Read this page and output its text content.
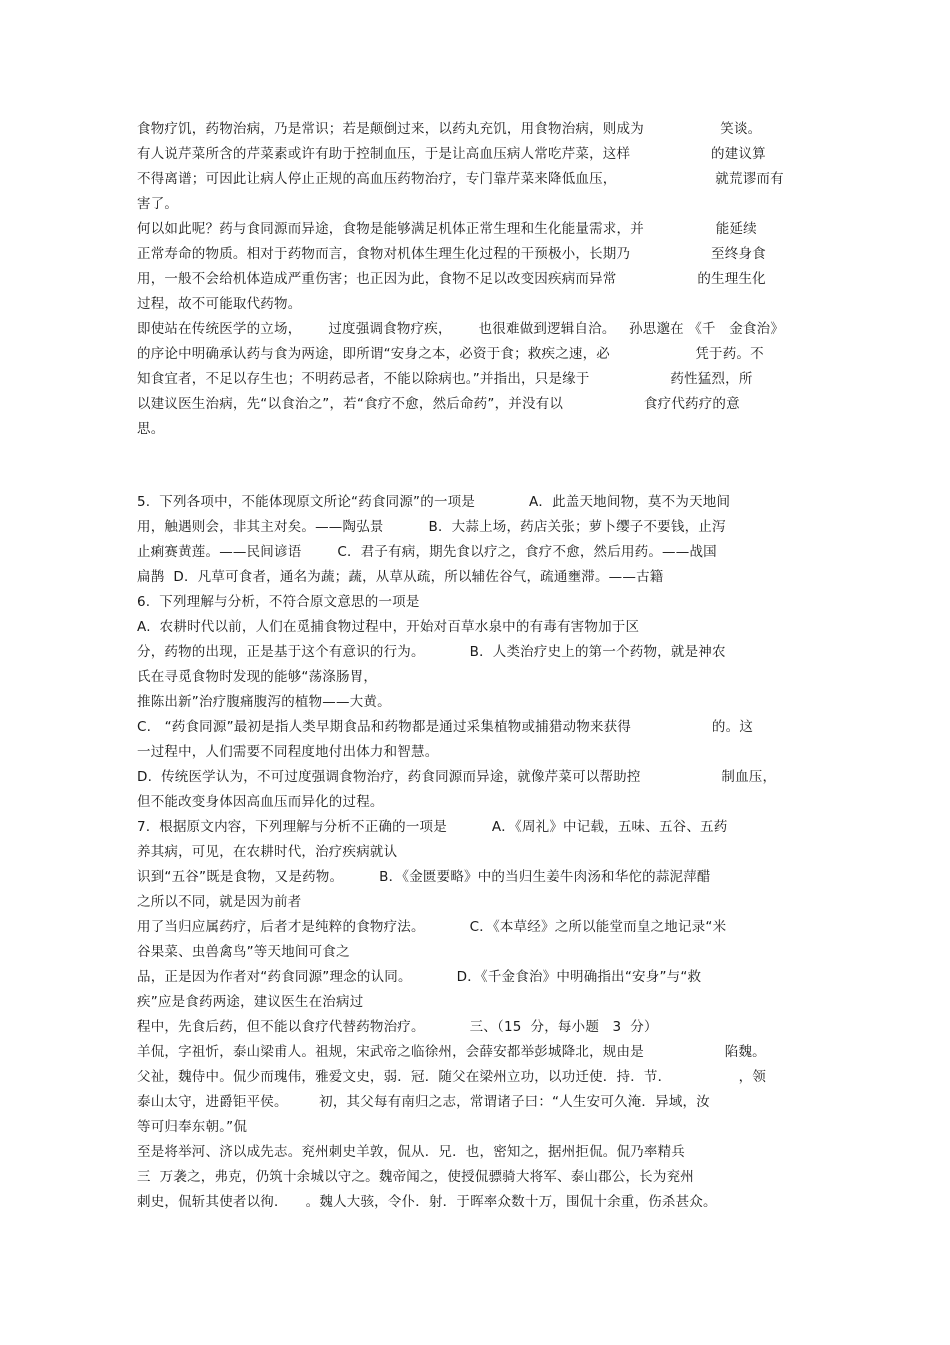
食物疗饥，药物治病，乃是常识；若是颠倒过来，以药丸充饥，用食物治病，则成为                 笑谈。
有人说芹菜所含的芹菜素或许有助于控制血压，于是让高血压病人常吃芹菜，这样                  的建议算
不得离谱；可因此让病人停止正规的高血压药物治疗，专门靠芹菜来降低血压，                      就荒谬而有
害了。
何以如此呢？药与食同源而异途，食物是能够满足机体正常生理和生化能量需求，并                能延续
正常寿命的物质。相对于药物而言，食物对机体生理生化过程的干预极小，长期乃                  至终身食
用，一般不会给机体造成严重伤害；也正因为此，食物不足以改变因疾病而异常                  的生理生化
过程，故不可能取代药物。
即使站在传统医学的立场，      过度强调食物疗疾，      也很难做到逻辑自洽。   孙思邈在 《千   金食治》
的序论中明确承认药与食为两途，即所谓“安身之本，必资于食；救疾之速，必                   凭于药。不
知食宜者，不足以存生也；不明药忌者，不能以除病也。”并指出，只是缘于                  药性猛烈，所
以建议医生治病，先“以食治之”，若“食疗不愈，然后命药”，并没有以                  食疗代药疗的意
思。
5.  下列各项中，不能体现原文所论“药食同源”的一项是            A．此盖天地间物，莫不为天地间
用，触遇则会，非其主对矣。——陶弘景          B．大蒜上场，药店关张；萝卜缨子不要钱，止泻
止痢赛黄莲。——民间谚语        C．君子有病，期先食以疗之，食疗不愈，然后用药。——战国
扁鹊  D．凡草可食者，通名为蔬；蔬，从草从疏，所以辅佐谷气，疏通壅滞。——古籍
6.  下列理解与分析，不符合原文意思的一项是
A.  农耕时代以前，人们在觅捕食物过程中，开始对百草水泉中的有毒有害物加于区
分，药物的出现，正是基于这个有意识的行为。          B．人类治疗史上的第一个药物，就是神农
氏在寻觅食物时发现的能够“荡涤肠胃，
推陈出新”治疗腹痛腹泻的植物——大黄。
C.   “药食同源”最初是指人类早期食品和药物都是通过采集植物或捕猎动物来获得                  的。这
一过程中，人们需要不同程度地付出体力和智慧。
D.  传统医学认为，不可过度强调食物治疗，药食同源而异途，就像芹菜可以帮助控                  制血压，
但不能改变身体因高血压而异化的过程。
7.  根据原文内容，下列理解与分析不正确的一项是          A．《周礼》中记载，五味、五谷、五药
养其病，可见，在农耕时代，治疗疾病就认
识到“五谷”既是食物，又是药物。        B．《金匮要略》中的当归生姜牛肉汤和华佗的蒜泥萍醋
之所以不同，就是因为前者
用了当归应属药疗，后者才是纯粹的食物疗法。          C．《本草经》之所以能堂而皇之地记录“米
谷果菜、虫兽禽鸟”等天地间可食之
品，正是因为作者对“药食同源”理念的认同。          D．《千金食治》中明确指出“安身”与“救
疾”应是食药两途，建议医生在治病过
程中，先食后药，但不能以食疗代替药物治疗。          三、（15  分，每小题   3  分）
羊侃，字祖忻，泰山梁甫人。祖规，宋武帝之临徐州，会薛安都举彭城降北，规由是                  陷魏。
父祉，魏侍中。侃少而瑰伟，雅爱文史，弱．冠．随父在梁州立功，以功迁使．持．节．               ，领
泰山太守，进爵钜平侯。       初，其父每有南归之志，常谓诸子曰：“人生安可久淹．异域，汝
等可归奉东朝。”侃
至是将举河、济以成先志。兖州刺史羊敦，侃从．兄．也，密知之，据州拒侃。侃乃率精兵
三  万袭之，弗克，仍筑十余城以守之。魏帝闻之，使授侃骠骑大将军、泰山郡公，长为兖州
刺史，侃斩其使者以徇．    。魏人大骇，令仆．射．于晖率众数十万，围侃十余重，伤杀甚众。
